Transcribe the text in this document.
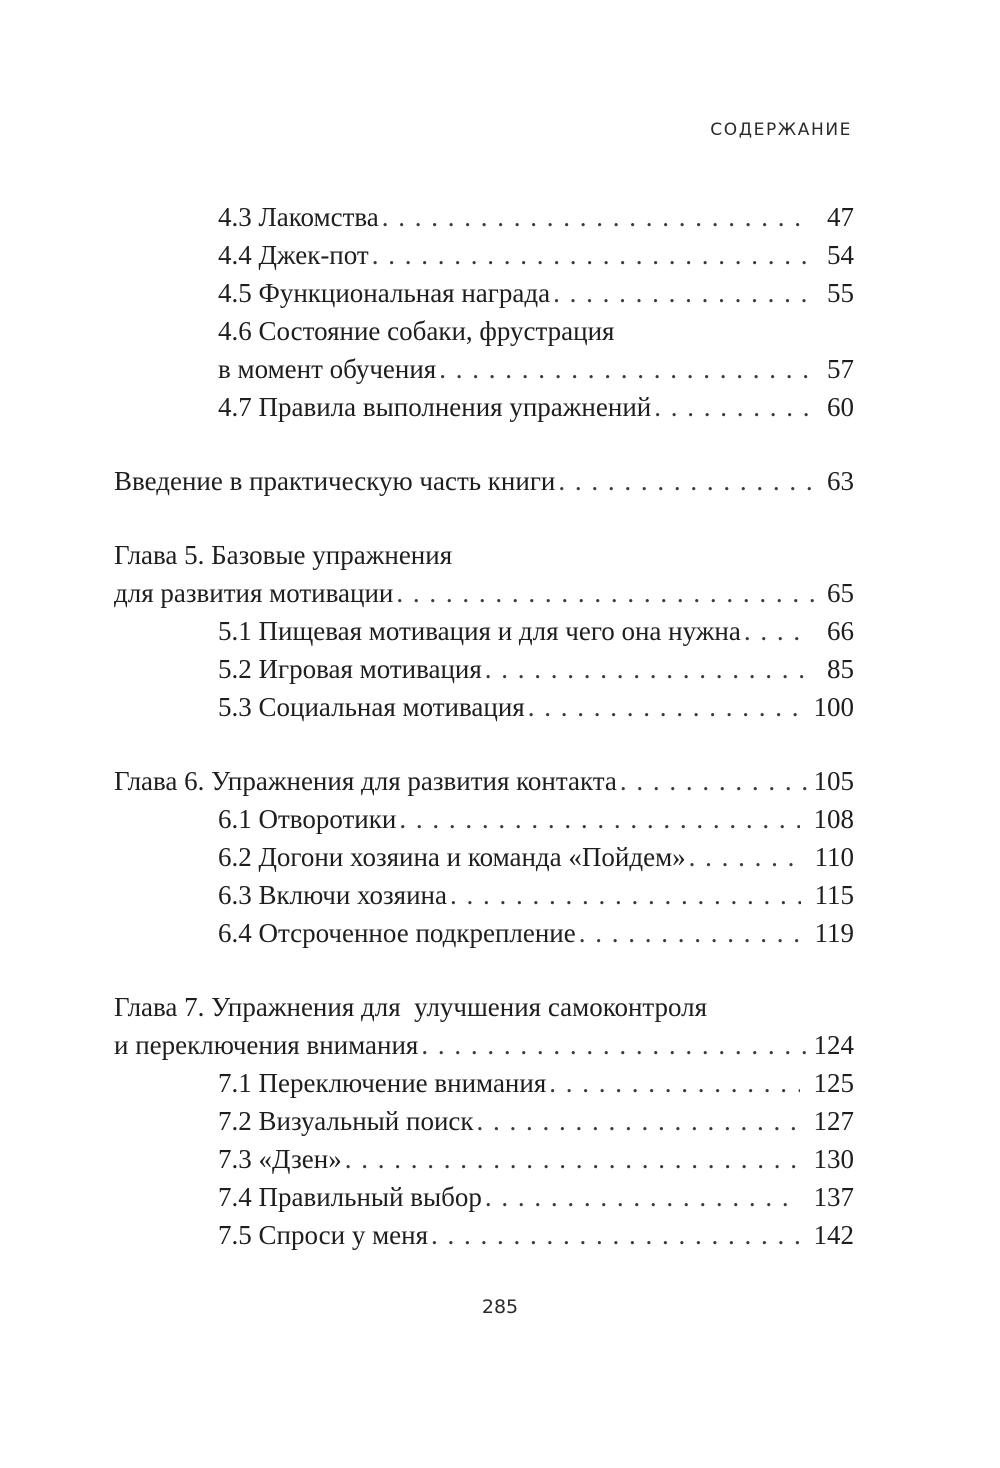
СОДЕРЖАНИЕ
4.3 Лакомства . . .	47
4.4 Джек-пот . . .	54
4.5 Функциональная награда . . .	55
4.6 Состояние собаки, фрустрация
в момент обучения . . .	57
4.7 Правила выполнения упражнений . . .	60
Введение в практическую часть книги . . .	63
Глава 5. Базовые упражнения
для развития мотивации . . .	65
5.1 Пищевая мотивация и для чего она нужна . . .	66
5.2 Игровая мотивация . . .	85
5.3 Социальная мотивация . . .	100
Глава 6. Упражнения для развития контакта . . .	105
6.1 Отворотики . . .	108
6.2 Догони хозяина и команда «Пойдем» . . .	110
6.3 Включи хозяина . . .	115
6.4 Отсроченное подкрепление . . .	119
Глава 7. Упражнения для  улучшения самоконтроля
и переключения внимания . . .	124
7.1 Переключение внимания . . .	125
7.2 Визуальный поиск . . .	127
7.3 «Дзен» . . .	130
7.4 Правильный выбор . . .	137
7.5 Спроси у меня . . .	142
285
